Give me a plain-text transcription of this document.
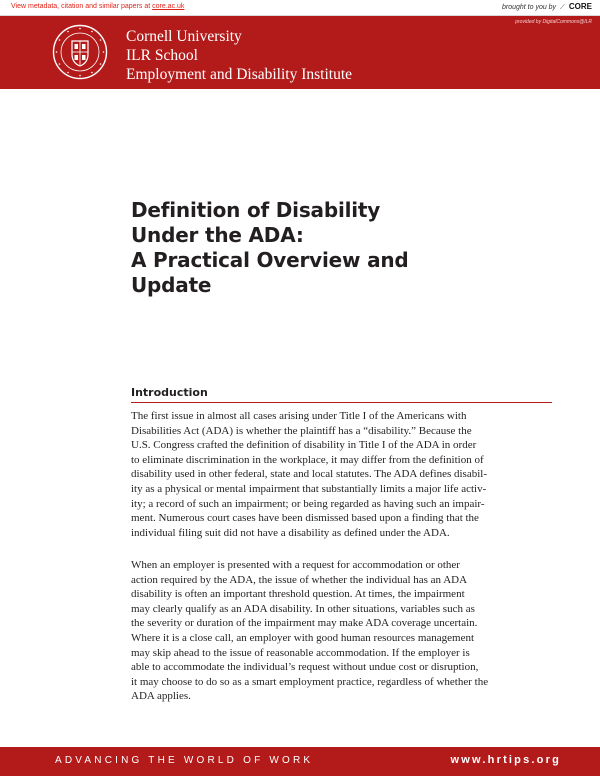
View metadata, citation and similar papers at core.ac.uk	brought to you by ⟋ CORE
provided by DigitalCommons@ILR
Cornell University
ILR School
Employment and Disability Institute
Definition of Disability
Under the ADA:
A Practical Overview and
Update
Introduction
The first issue in almost all cases arising under Title I of the Americans with
Disabilities Act (ADA) is whether the plaintiff has a “disability.” Because the
U.S. Congress crafted the definition of disability in Title I of the ADA in order
to eliminate discrimination in the workplace, it may differ from the definition of
disability used in other federal, state and local statutes. The ADA defines disabil-
ity as a physical or mental impairment that substantially limits a major life activ-
ity; a record of such an impairment; or being regarded as having such an impair-
ment. Numerous court cases have been dismissed based upon a finding that the
individual filing suit did not have a disability as defined under the ADA.
When an employer is presented with a request for accommodation or other
action required by the ADA, the issue of whether the individual has an ADA
disability is often an important threshold question. At times, the impairment
may clearly qualify as an ADA disability. In other situations, variables such as
the severity or duration of the impairment may make ADA coverage uncertain.
Where it is a close call, an employer with good human resources management
may skip ahead to the issue of reasonable accommodation. If the employer is
able to accommodate the individual’s request without undue cost or disruption,
it may choose to do so as a smart employment practice, regardless of whether the
ADA applies.
ADVANCING THE WORLD OF WORK	www.hrtips.org
